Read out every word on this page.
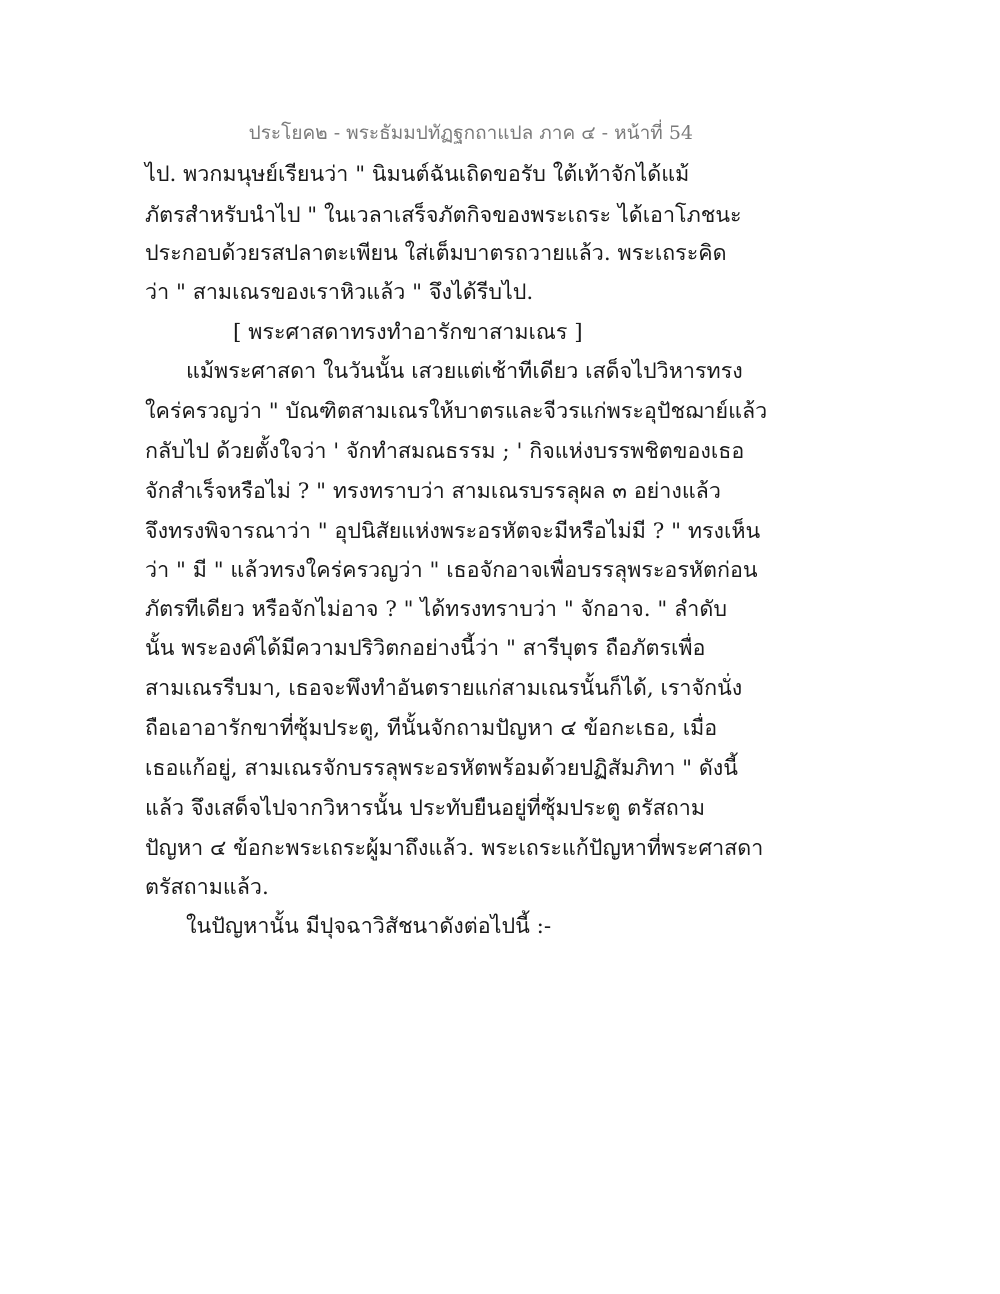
ประโยค๒ - พระธัมมปทัฏฐกถาแปล ภาค ๔ - หน้าที่ 54
ไป. พวกมนุษย์เรียนว่า " นิมนต์ฉันเถิดขอรับ ใต้เท้าจักได้แม้
ภัตรสำหรับนำไป " ในเวลาเสร็จภัตกิจของพระเถระ ได้เอาโภชนะ
ประกอบด้วยรสปลาตะเพียน ใส่เต็มบาตรถวายแล้ว. พระเถระคิด
ว่า " สามเณรของเราหิวแล้ว " จึงได้รีบไป.
[ พระศาสดาทรงทำอารักขาสามเณร ]
แม้พระศาสดา ในวันนั้น เสวยแต่เช้าทีเดียว เสด็จไปวิหารทรง
ใคร่ครวญว่า " บัณฑิตสามเณรให้บาตรและจีวรแก่พระอุปัชฌาย์แล้ว
กลับไป ด้วยตั้งใจว่า ' จักทำสมณธรรม ; ' กิจแห่งบรรพชิตของเธอ
จักสำเร็จหรือไม่ ? " ทรงทราบว่า สามเณรบรรลุผล ๓ อย่างแล้ว
จึงทรงพิจารณาว่า " อุปนิสัยแห่งพระอรหัตจะมีหรือไม่มี ? " ทรงเห็น
ว่า " มี " แล้วทรงใคร่ครวญว่า " เธอจักอาจเพื่อบรรลุพระอรหัตก่อน
ภัตรทีเดียว หรือจักไม่อาจ ? " ได้ทรงทราบว่า " จักอาจ. " ลำดับ
นั้น พระองค์ได้มีความปริวิตกอย่างนี้ว่า " สารีบุตร ถือภัตรเพื่อ
สามเณรรีบมา, เธอจะพึงทำอันตรายแก่สามเณรนั้นก็ได้, เราจักนั่ง
ถือเอาอารักขาที่ซุ้มประตู, ทีนั้นจักถามปัญหา ๔ ข้อกะเธอ, เมื่อ
เธอแก้อยู่, สามเณรจักบรรลุพระอรหัตพร้อมด้วยปฏิสัมภิทา " ดังนี้
แล้ว จึงเสด็จไปจากวิหารนั้น ประทับยืนอยู่ที่ซุ้มประตู ตรัสถาม
ปัญหา ๔ ข้อกะพระเถระผู้มาถึงแล้ว. พระเถระแก้ปัญหาที่พระศาสดา
ตรัสถามแล้ว.
ในปัญหานั้น มีปุจฉาวิสัชนาดังต่อไปนี้ :-
